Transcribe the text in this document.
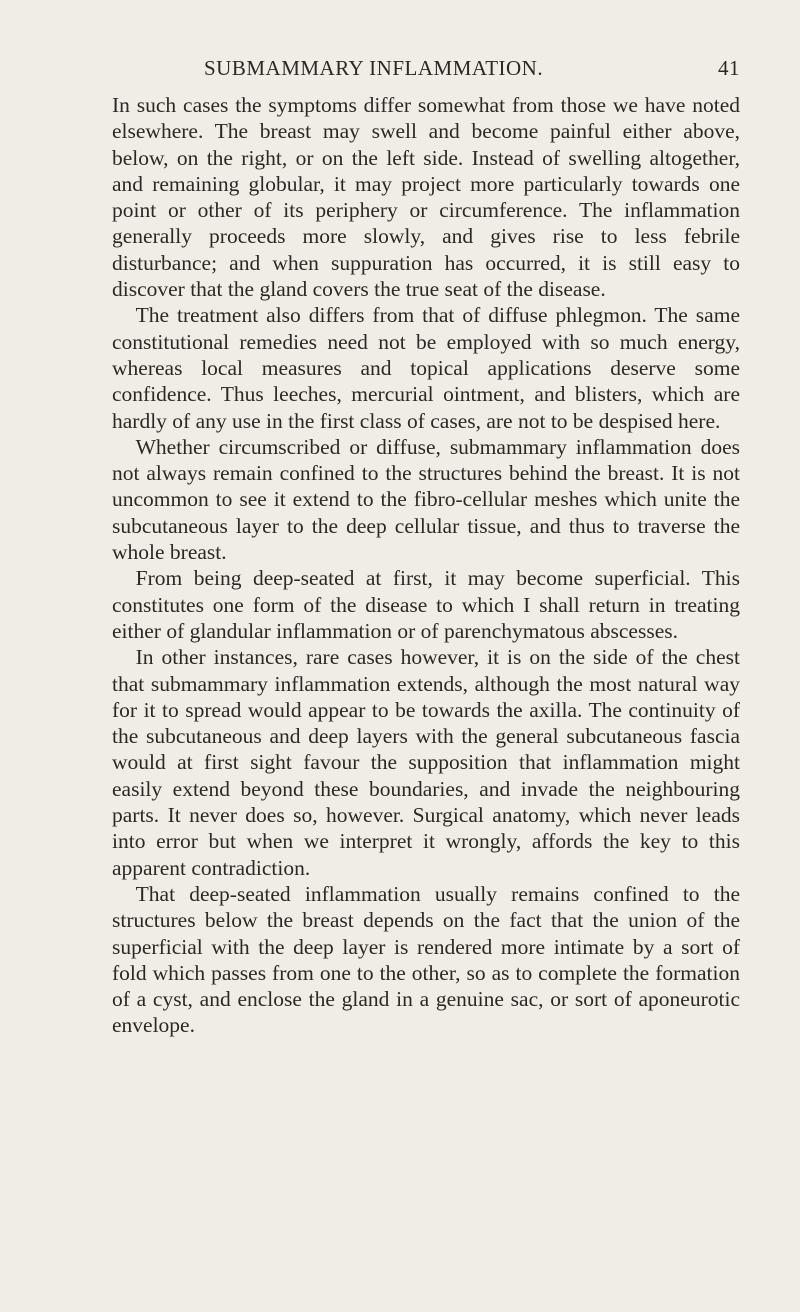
SUBMAMMARY INFLAMMATION.	41

In such cases the symptoms differ somewhat from those we have noted elsewhere. The breast may swell and become painful either above, below, on the right, or on the left side. Instead of swelling altogether, and remaining globular, it may project more particularly towards one point or other of its periphery or circumference. The inflammation generally proceeds more slowly, and gives rise to less febrile disturbance; and when suppuration has occurred, it is still easy to discover that the gland covers the true seat of the disease.

The treatment also differs from that of diffuse phlegmon. The same constitutional remedies need not be employed with so much energy, whereas local measures and topical applications deserve some confidence. Thus leeches, mercurial ointment, and blisters, which are hardly of any use in the first class of cases, are not to be despised here.

Whether circumscribed or diffuse, submammary inflammation does not always remain confined to the structures behind the breast. It is not uncommon to see it extend to the fibro-cellular meshes which unite the subcutaneous layer to the deep cellular tissue, and thus to traverse the whole breast.

From being deep-seated at first, it may become superficial. This constitutes one form of the disease to which I shall return in treating either of glandular inflammation or of parenchymatous abscesses.

In other instances, rare cases however, it is on the side of the chest that submammary inflammation extends, although the most natural way for it to spread would appear to be towards the axilla. The continuity of the subcutaneous and deep layers with the general subcutaneous fascia would at first sight favour the supposition that inflammation might easily extend beyond these boundaries, and invade the neighbouring parts. It never does so, however. Surgical anatomy, which never leads into error but when we interpret it wrongly, affords the key to this apparent contradiction.

That deep-seated inflammation usually remains confined to the structures below the breast depends on the fact that the union of the superficial with the deep layer is rendered more intimate by a sort of fold which passes from one to the other, so as to complete the formation of a cyst, and enclose the gland in a genuine sac, or sort of aponeurotic envelope.
